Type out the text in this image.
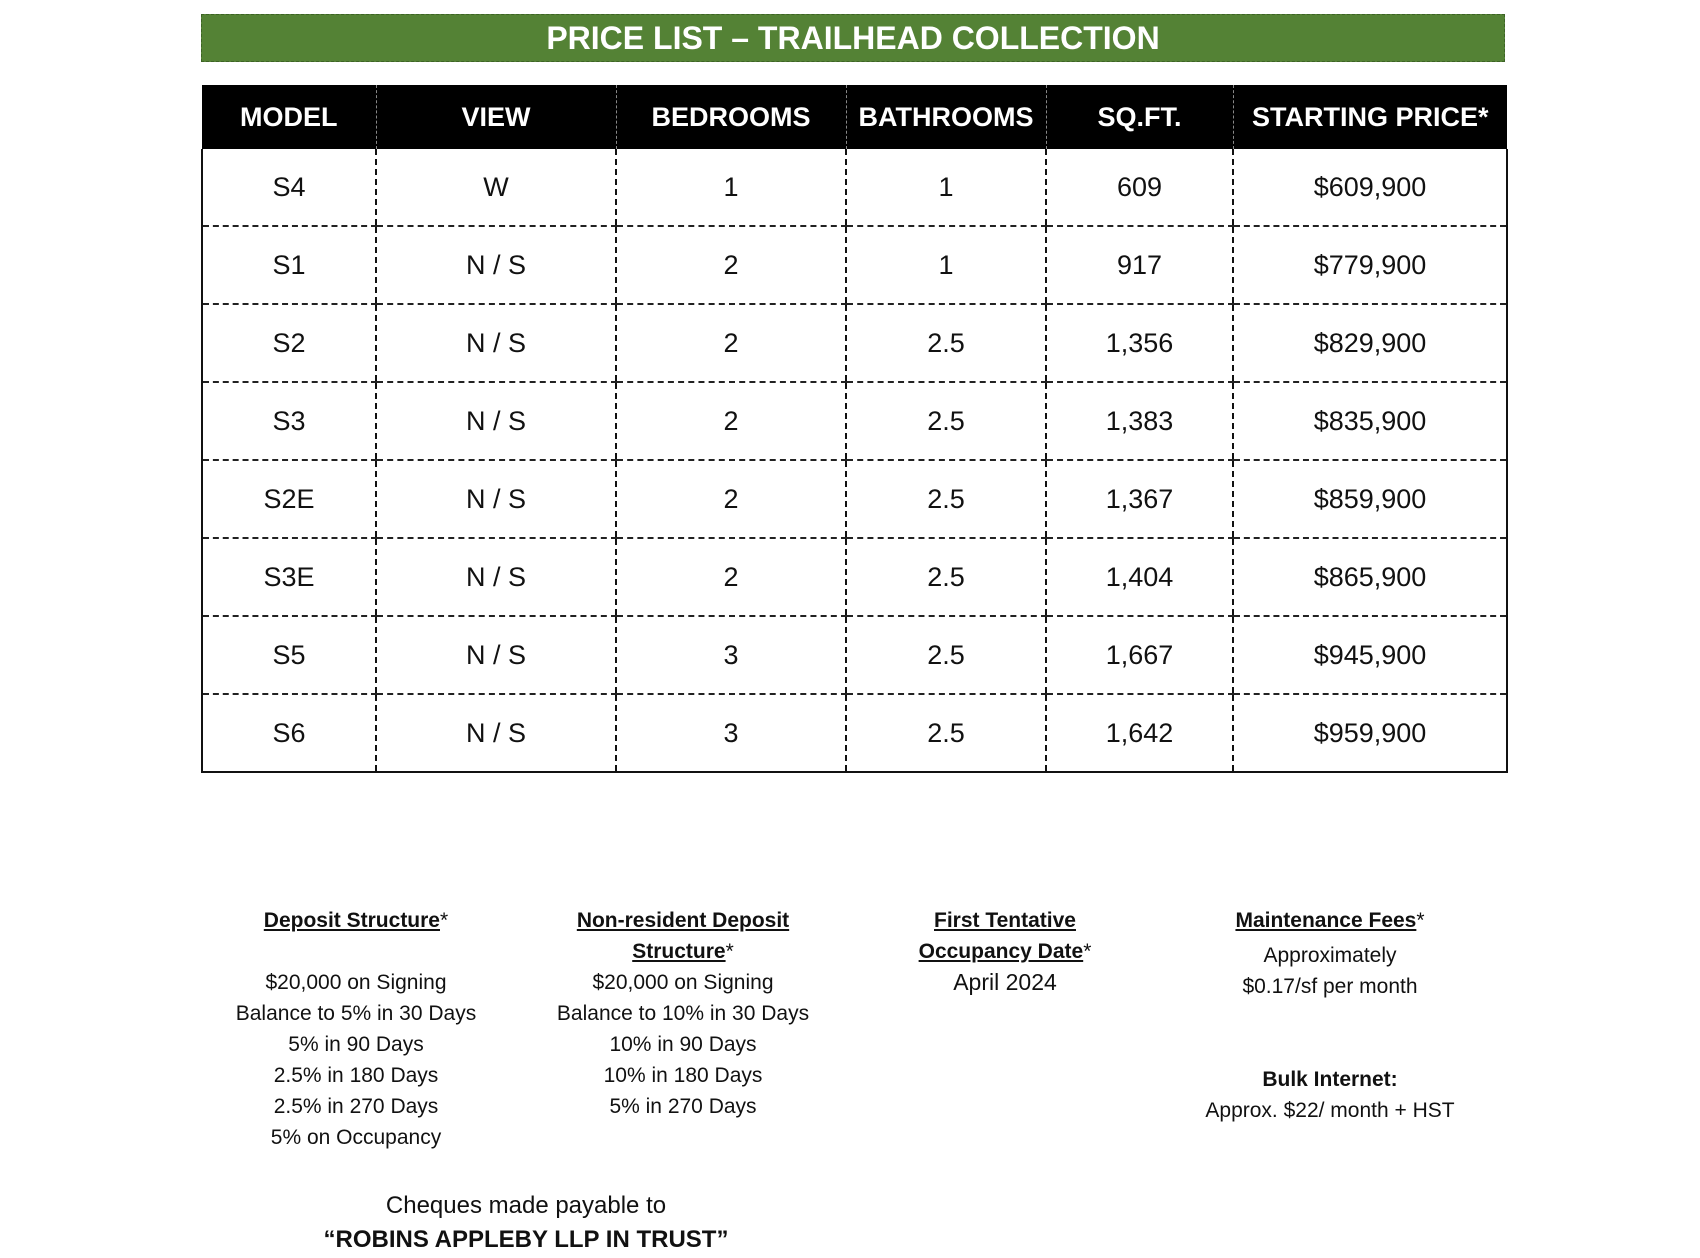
PRICE LIST – TRAILHEAD COLLECTION
MODEL	VIEW	BEDROOMS	BATHROOMS	SQ.FT.	STARTING PRICE*
S4	W	1	1	609	$609,900
S1	N / S	2	1	917	$779,900
S2	N / S	2	2.5	1,356	$829,900
S3	N / S	2	2.5	1,383	$835,900
S2E	N / S	2	2.5	1,367	$859,900
S3E	N / S	2	2.5	1,404	$865,900
S5	N / S	3	2.5	1,667	$945,900
S6	N / S	3	2.5	1,642	$959,900
Deposit Structure*
$20,000 on Signing
Balance to 5% in 30 Days
5% in 90 Days
2.5% in 180 Days
2.5% in 270 Days
5% on Occupancy
Non-resident Deposit
Structure*
$20,000 on Signing
Balance to 10% in 30 Days
10% in 90 Days
10% in 180 Days
5% in 270 Days
First Tentative
Occupancy Date*
April 2024
Maintenance Fees*
Approximately
$0.17/sf per month
Bulk Internet:
Approx. $22/ month + HST
Cheques made payable to
“ROBINS APPLEBY LLP IN TRUST”
